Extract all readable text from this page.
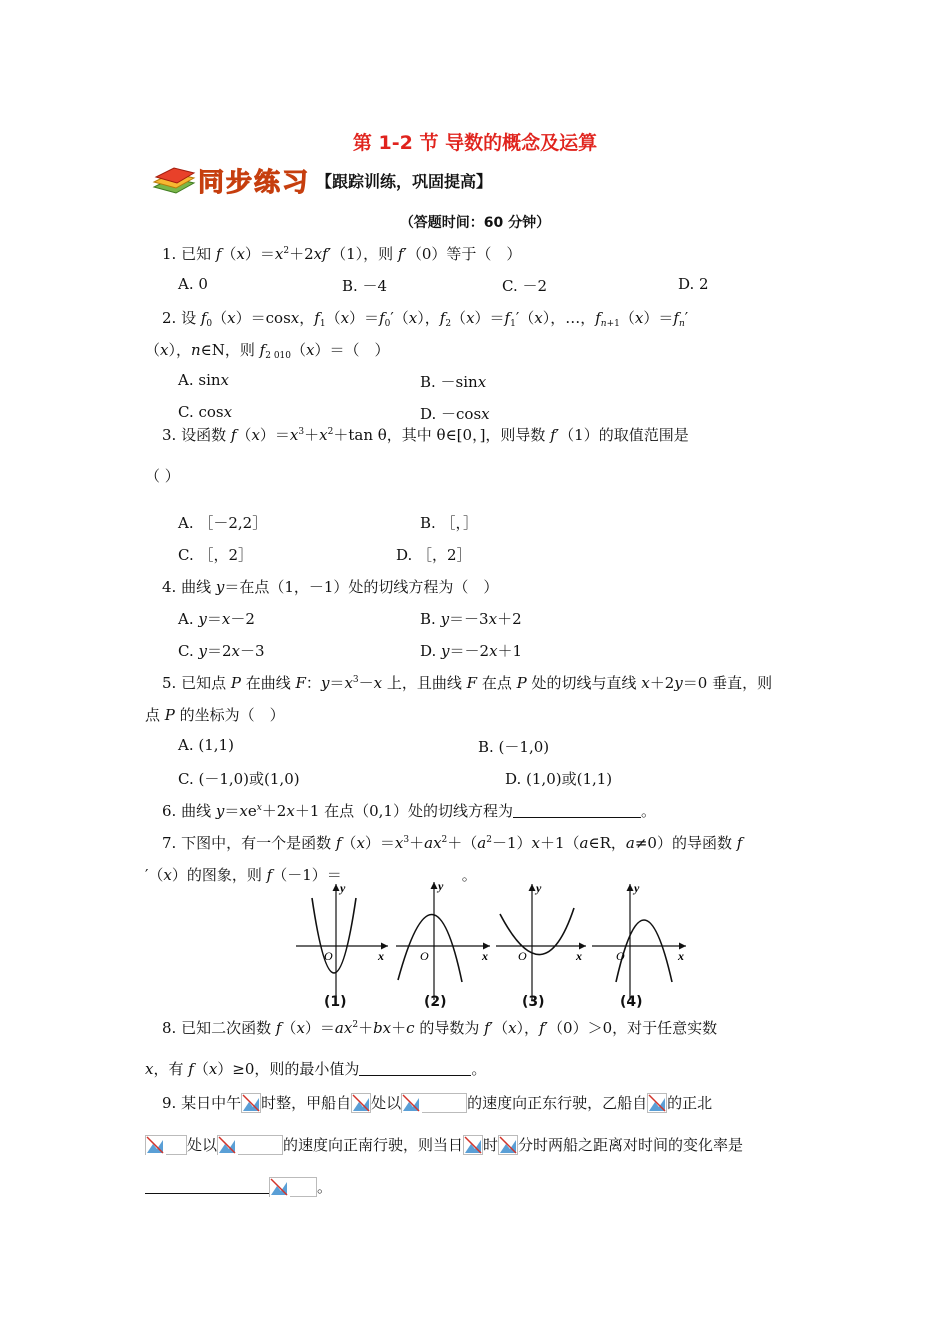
第 1-2 节 导数的概念及运算
同步练习 【跟踪训练，巩固提高】
（答题时间：60 分钟）
1. 已知 $f(x)=x^2+2xf'(1)$，则 f′（0）等于（　）
A. 0	B. －4	C. －2	D. 2
2. 设 $f_0(x)=\cos x$，$f_1(x)=f_0'(x)$，$f_2(x)=f_1'(x)$，…，$f_{n+1}(x)=f_n'$
（x），n∈N，则 $f_{2 010}(x)=$（　）
A. sinx	B. －sinx
C. cosx	D. －cosx
3. 设函数 $f(x)=x^3+x^2+\tan$ θ，其中 θ∈[0，]，则导数 f′（1）的取值范围是
（ ）
A. ［－2,2］	B. ［，］
C. ［，2］	D. ［，2］
4. 曲线 y＝在点（1，－1）处的切线方程为（　）
A. y＝x－2	B. y＝－3x＋2
C. y＝2x－3	D. y＝－2x＋1
5. 已知点 P 在曲线 F：$y=x^3-x$ 上，且曲线 F 在点 P 处的切线与直线 x＋2y＝0 垂直，则
点 P 的坐标为（　）
A. (1,1)	B. (－1,0)
C. (－1,0)或(1,0)	D. (1,0)或(1,1)
6. 曲线 $y=xe^x+2x+1$ 在点（0,1）处的切线方程为	。
7. 下图中，有一个是函数 $f(x)=x^3+ax^2+(a^2-1)x+1(a\in R$，a≠0）的导函数 f
′（x）的图象，则 f（－1）＝	。
y
x
O
y
x
O
y
x
O
y
x
O
(1)	(2)	(3)	(4)
8. 已知二次函数 $f(x)=ax^2+bx+c$ 的导数为 f′（x），f′（0）＞0，对于任意实数
x，有 f（x）≥0，则的最小值为	。
9. 某日中午 时整，甲船自 处以	的速度向正东行驶，乙船自 的正北
处以	的速度向正南行驶，则当日 时 分时两船之距离对时间的变化率是
。
